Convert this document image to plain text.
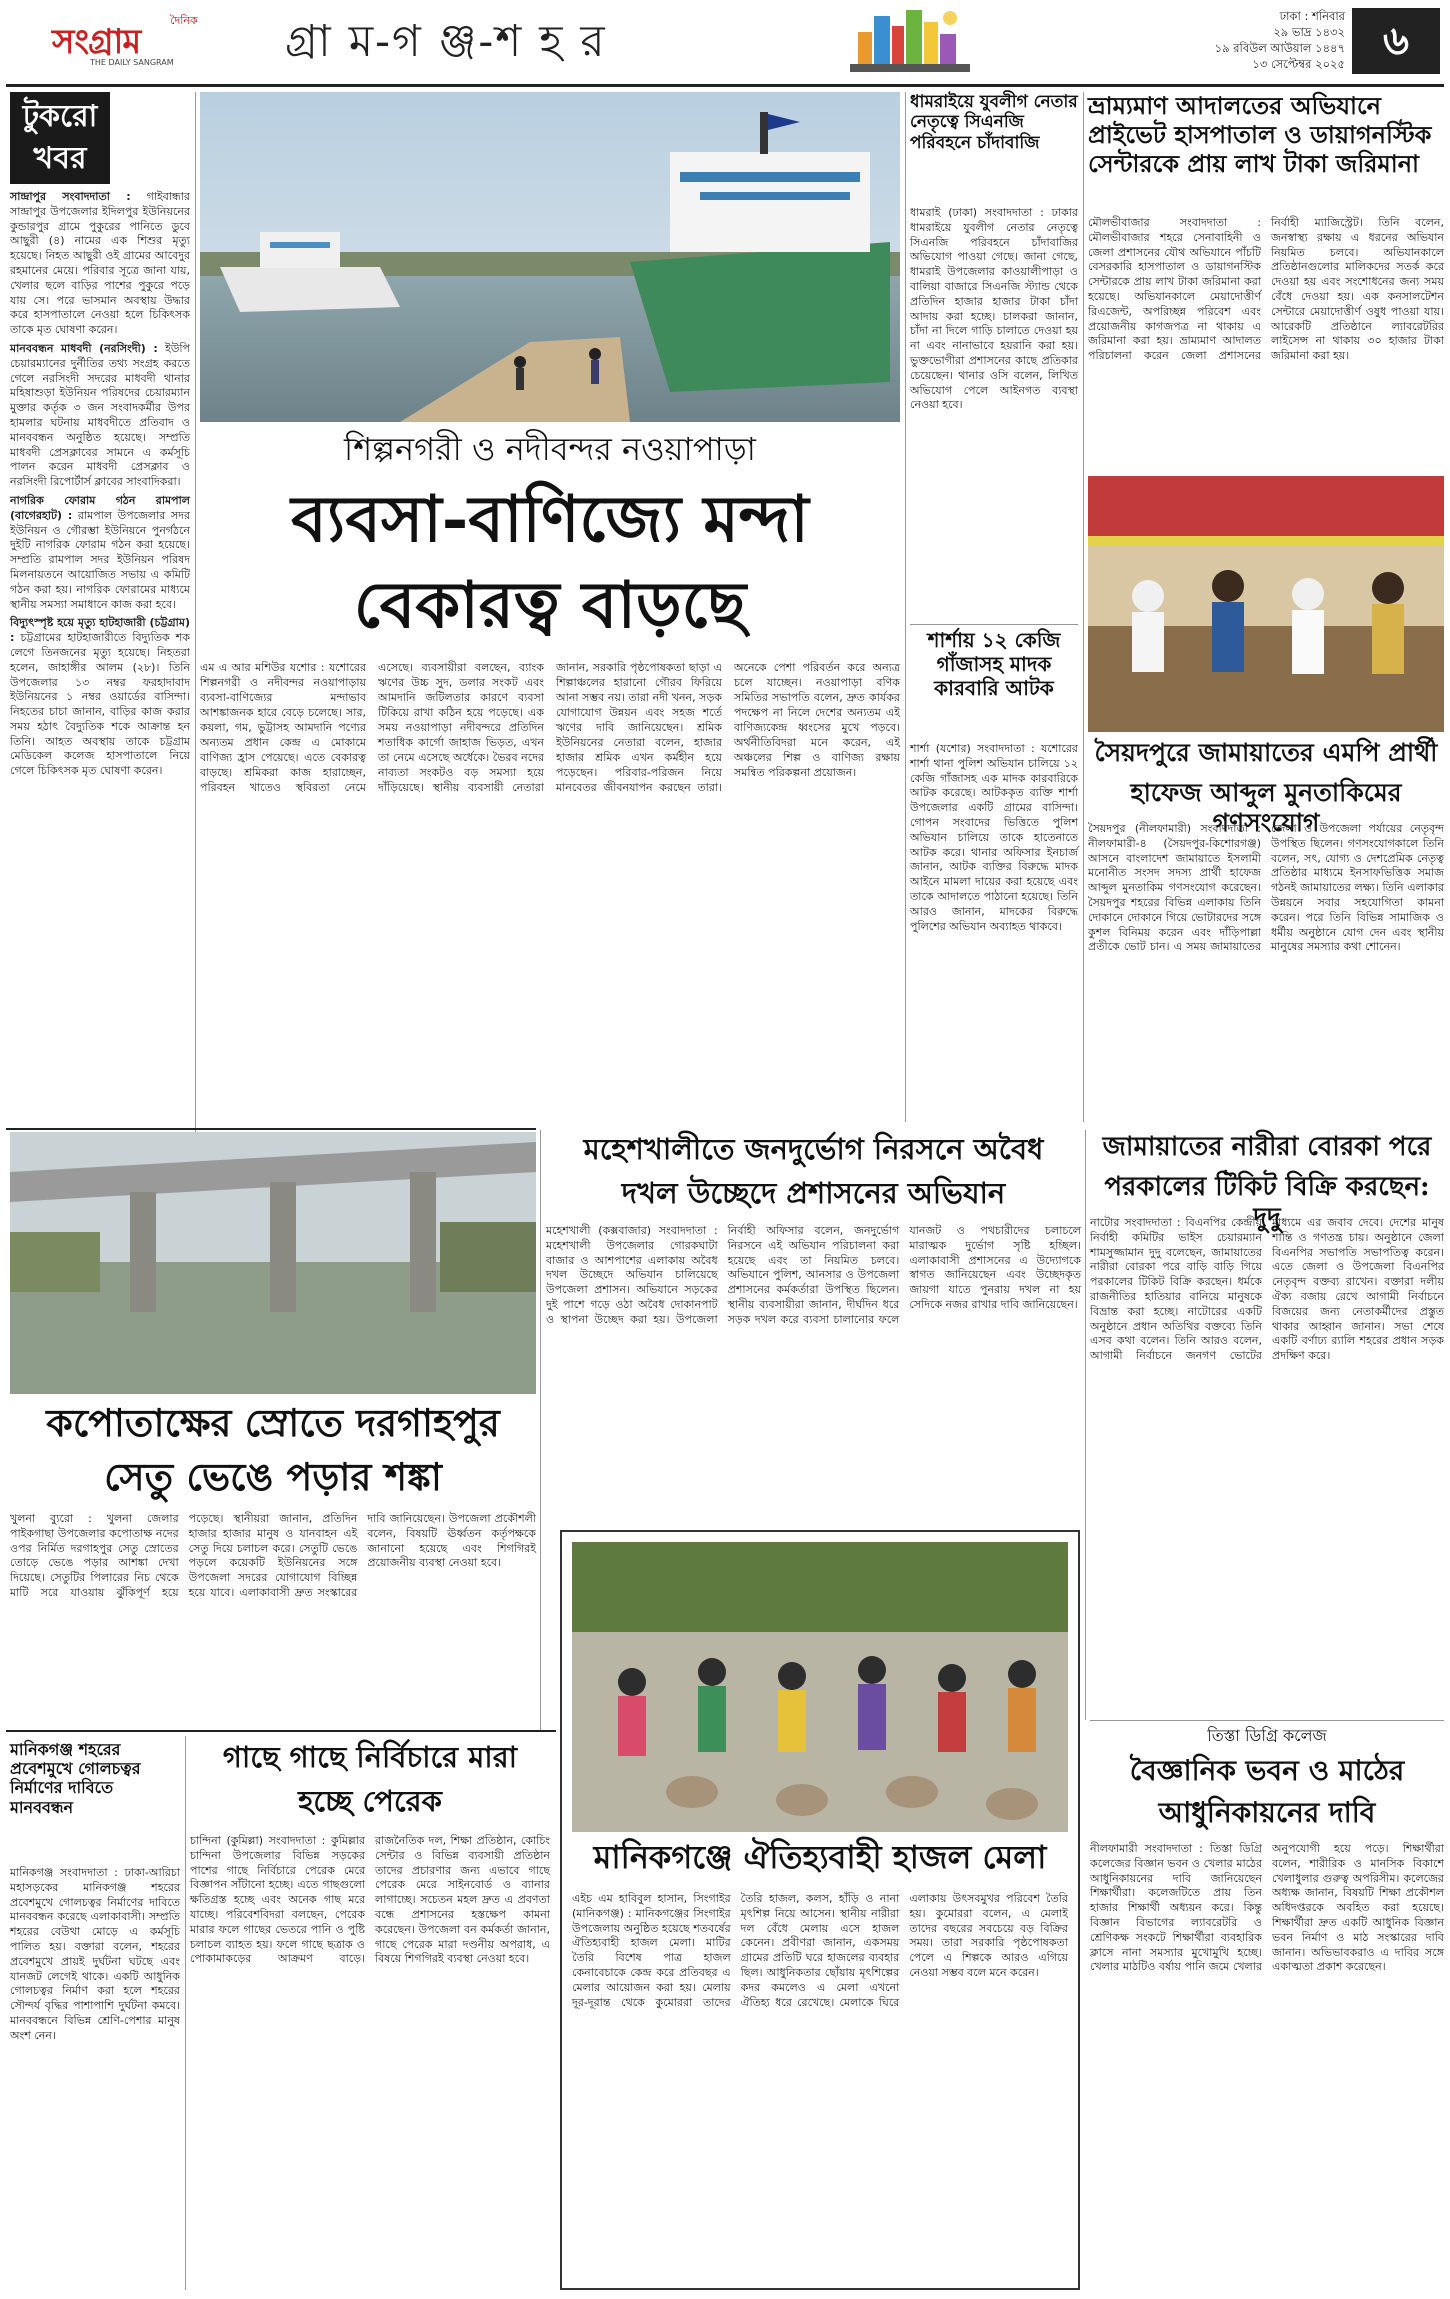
দৈনিক
সংগ্রাম
THE DAILY SANGRAM	গ্রা ম-গ ঞ্জ-শ হ র	ঢাকা : শনিবার
২৯ ভাদ্র ১৪৩২
১৯ রবিউল আউয়াল ১৪৪৭
১৩ সেপ্টেম্বর ২০২৫ ৬
টুকরো খবর

সান্দ্রাপুর সংবাদদাতা : গাইবান্ধার সান্দ্রাপুর উপজেলার ইদিলপুর ইউনিয়নের কুন্ডারপুর গ্রামে পুকুরের পানিতে ডুবে আছুরী (৪) নামের এক শিশুর মৃত্যু হয়েছে। নিহত আছুরী ওই গ্রামের আবেদুর রহমানের মেয়ে। পরিবার সূত্রে জানা যায়, খেলার ছলে বাড়ির পাশের পুকুরে পড়ে যায় সে। পরে ভাসমান অবস্থায় উদ্ধার করে হাসপাতালে নেওয়া হলে চিকিৎসক তাকে মৃত ঘোষণা করেন।

মানববন্ধন মাধবদী (নরসিংদী) : ইউপি চেয়ারম্যানের দুর্নীতির তথ্য সংগ্রহ করতে গেলে নরসিংদী সদরের মাধবদী থানার মহিষাশুড়া ইউনিয়ন পরিষদের চেয়ারম্যান মুক্তার কর্তৃক ৩ জন সংবাদকর্মীর উপর হামলার ঘটনায় মাধবদীতে প্রতিবাদ ও মানববন্ধন অনুষ্ঠিত হয়েছে। সম্প্রতি মাধবদী প্রেসক্লাবের সামনে এ কর্মসূচি পালন করেন মাধবদী প্রেসক্লাব ও নরসিংদী রিপোর্টার্স ক্লাবের সাংবাদিকরা।

নাগরিক ফোরাম গঠন রামপাল (বাগেরহাট) : রামপাল উপজেলার সদর ইউনিয়ন ও গৌরম্ভা ইউনিয়নে পুনর্গঠনে দুইটি নাগরিক ফোরাম গঠন করা হয়েছে। সম্প্রতি রামপাল সদর ইউনিয়ন পরিষদ মিলনায়তনে আয়োজিত সভায় এ কমিটি গঠন করা হয়। নাগরিক ফোরামের মাধ্যমে স্থানীয় সমস্যা সমাধানে কাজ করা হবে।

বিদ্যুৎস্পৃষ্ট হয়ে মৃত্যু হাটহাজারী (চট্টগ্রাম) : চট্টগ্রামের হাটহাজারীতে বিদ্যুতিক শক লেগে তিনজনের মৃত্যু হয়েছে। নিহতরা হলেন, জাহাঙ্গীর আলম (২৮)। তিনি উপজেলার ১৩ নম্বর ফরহাদাবাদ ইউনিয়নের ১ নম্বর ওয়ার্ডের বাসিন্দা। নিহতের চাচা জানান, বাড়ির কাজ করার সময় হঠাৎ বৈদ্যুতিক শকে আক্রান্ত হন তিনি। আহত অবস্থায় তাকে চট্টগ্রাম মেডিকেল কলেজ হাসপাতালে নিয়ে গেলে চিকিৎসক মৃত ঘোষণা করেন।

শিল্পনগরী ও নদীবন্দর নওয়াপাড়া
ব্যবসা-বাণিজ্যে মন্দা
বেকারত্ব বাড়ছে
এম এ আর মশিউর যশোর : যশোরের শিল্পনগরী ও নদীবন্দর নওয়াপাড়ায় ব্যবসা-বাণিজ্যের মন্দাভাব আশঙ্কাজনক হারে বেড়ে চলেছে। সার, কয়লা, গম, ভুট্টাসহ আমদানি পণ্যের অন্যতম প্রধান কেন্দ্র এ মোকামে বাণিজ্য হ্রাস পেয়েছে। এতে বেকারত্ব বাড়ছে। শ্রমিকরা কাজ হারাচ্ছেন, পরিবহন খাতেও স্থবিরতা নেমে এসেছে। ব্যবসায়ীরা বলছেন, ব্যাংক ঋণের উচ্চ সুদ, ডলার সংকট এবং আমদানি জটিলতার কারণে ব্যবসা টিকিয়ে রাখা কঠিন হয়ে পড়েছে। এক সময় নওয়াপাড়া নদীবন্দরে প্রতিদিন শতাধিক কার্গো জাহাজ ভিড়ত, এখন তা নেমে এসেছে অর্ধেকে। ভৈরব নদের নাব্যতা সংকটও বড় সমস্যা হয়ে দাঁড়িয়েছে। স্থানীয় ব্যবসায়ী নেতারা জানান, সরকারি পৃষ্ঠপোষকতা ছাড়া এ শিল্পাঞ্চলের হারানো গৌরব ফিরিয়ে আনা সম্ভব নয়। তারা নদী খনন, সড়ক যোগাযোগ উন্নয়ন এবং সহজ শর্তে ঋণের দাবি জানিয়েছেন। শ্রমিক ইউনিয়নের নেতারা বলেন, হাজার হাজার শ্রমিক এখন কর্মহীন হয়ে পড়েছেন। পরিবার-পরিজন নিয়ে মানবেতর জীবনযাপন করছেন তারা। অনেকে পেশা পরিবর্তন করে অন্যত্র চলে যাচ্ছেন। নওয়াপাড়া বণিক সমিতির সভাপতি বলেন, দ্রুত কার্যকর পদক্ষেপ না নিলে দেশের অন্যতম এই বাণিজ্যকেন্দ্র ধ্বংসের মুখে পড়বে। অর্থনীতিবিদরা মনে করেন, এই অঞ্চলের শিল্প ও বাণিজ্য রক্ষায় সমন্বিত পরিকল্পনা প্রয়োজন।
ধামরাইয়ে যুবলীগ নেতার নেতৃত্বে সিএনজি পরিবহনে চাঁদাবাজি
ধামরাই (ঢাকা) সংবাদদাতা : ঢাকার ধামরাইয়ে যুবলীগ নেতার নেতৃত্বে সিএনজি পরিবহনে চাঁদাবাজির অভিযোগ পাওয়া গেছে। জানা গেছে, ধামরাই উপজেলার কাওয়ালীপাড়া ও বালিয়া বাজারে সিএনজি স্ট্যান্ড থেকে প্রতিদিন হাজার হাজার টাকা চাঁদা আদায় করা হচ্ছে। চালকরা জানান, চাঁদা না দিলে গাড়ি চালাতে দেওয়া হয় না এবং নানাভাবে হয়রানি করা হয়। ভুক্তভোগীরা প্রশাসনের কাছে প্রতিকার চেয়েছেন। থানার ওসি বলেন, লিখিত অভিযোগ পেলে আইনগত ব্যবস্থা নেওয়া হবে।
শার্শায় ১২ কেজি গাঁজাসহ মাদক কারবারি আটক
শার্শা (যশোর) সংবাদদাতা : যশোরের শার্শা থানা পুলিশ অভিযান চালিয়ে ১২ কেজি গাঁজাসহ এক মাদক কারবারিকে আটক করেছে। আটককৃত ব্যক্তি শার্শা উপজেলার একটি গ্রামের বাসিন্দা। গোপন সংবাদের ভিত্তিতে পুলিশ অভিযান চালিয়ে তাকে হাতেনাতে আটক করে। থানার অফিসার ইনচার্জ জানান, আটক ব্যক্তির বিরুদ্ধে মাদক আইনে মামলা দায়ের করা হয়েছে এবং তাকে আদালতে পাঠানো হয়েছে। তিনি আরও জানান, মাদকের বিরুদ্ধে পুলিশের অভিযান অব্যাহত থাকবে।
ভ্রাম্যমাণ আদালতের অভিযানে প্রাইভেট হাসপাতাল ও ডায়াগনস্টিক সেন্টারকে প্রায় লাখ টাকা জরিমানা
মৌলভীবাজার সংবাদদাতা : মৌলভীবাজার শহরে সেনাবাহিনী ও জেলা প্রশাসনের যৌথ অভিযানে পাঁচটি বেসরকারি হাসপাতাল ও ডায়াগনস্টিক সেন্টারকে প্রায় লাখ টাকা জরিমানা করা হয়েছে। অভিযানকালে মেয়াদোত্তীর্ণ রিএজেন্ট, অপরিচ্ছন্ন পরিবেশ এবং প্রয়োজনীয় কাগজপত্র না থাকায় এ জরিমানা করা হয়। ভ্রাম্যমাণ আদালত পরিচালনা করেন জেলা প্রশাসনের নির্বাহী ম্যাজিস্ট্রেট। তিনি বলেন, জনস্বাস্থ্য রক্ষায় এ ধরনের অভিযান নিয়মিত চলবে। অভিযানকালে প্রতিষ্ঠানগুলোর মালিকদের সতর্ক করে দেওয়া হয় এবং সংশোধনের জন্য সময় বেঁধে দেওয়া হয়। এক কনসালটেশন সেন্টারে মেয়াদোত্তীর্ণ ওষুধ পাওয়া যায়। আরেকটি প্রতিষ্ঠানে ল্যাবরেটরির লাইসেন্স না থাকায় ৩০ হাজার টাকা জরিমানা করা হয়।
সৈয়দপুরে জামায়াতের এমপি প্রার্থী
হাফেজ আব্দুল মুনতাকিমের গণসংযোগ
সৈয়দপুর (নীলফামারী) সংবাদদাতা : নীলফামারী-৪ (সৈয়দপুর-কিশোরগঞ্জ) আসনে বাংলাদেশ জামায়াতে ইসলামী মনোনীত সংসদ সদস্য প্রার্থী হাফেজ আব্দুল মুনতাকিম গণসংযোগ করেছেন। সৈয়দপুর শহরের বিভিন্ন এলাকায় তিনি দোকানে দোকানে গিয়ে ভোটারদের সঙ্গে কুশল বিনিময় করেন এবং দাঁড়িপাল্লা প্রতীকে ভোট চান। এ সময় জামায়াতের জেলা ও উপজেলা পর্যায়ের নেতৃবৃন্দ উপস্থিত ছিলেন। গণসংযোগকালে তিনি বলেন, সৎ, যোগ্য ও দেশপ্রেমিক নেতৃত্ব প্রতিষ্ঠার মাধ্যমে ইনসাফভিত্তিক সমাজ গঠনই জামায়াতের লক্ষ্য। তিনি এলাকার উন্নয়নে সবার সহযোগিতা কামনা করেন। পরে তিনি বিভিন্ন সামাজিক ও ধর্মীয় অনুষ্ঠানে যোগ দেন এবং স্থানীয় মানুষের সমস্যার কথা শোনেন।
কপোতাক্ষের স্রোতে দরগাহপুর
সেতু ভেঙে পড়ার শঙ্কা
খুলনা ব্যুরো : খুলনা জেলার পাইকগাছা উপজেলার কপোতাক্ষ নদের ওপর নির্মিত দরগাহপুর সেতু স্রোতের তোড়ে ভেঙে পড়ার আশঙ্কা দেখা দিয়েছে। সেতুটির পিলারের নিচ থেকে মাটি সরে যাওয়ায় ঝুঁকিপূর্ণ হয়ে পড়েছে। স্থানীয়রা জানান, প্রতিদিন হাজার হাজার মানুষ ও যানবাহন এই সেতু দিয়ে চলাচল করে। সেতুটি ভেঙে পড়লে কয়েকটি ইউনিয়নের সঙ্গে উপজেলা সদরের যোগাযোগ বিচ্ছিন্ন হয়ে যাবে। এলাকাবাসী দ্রুত সংস্কারের দাবি জানিয়েছেন। উপজেলা প্রকৌশলী বলেন, বিষয়টি ঊর্ধ্বতন কর্তৃপক্ষকে জানানো হয়েছে এবং শিগগিরই প্রয়োজনীয় ব্যবস্থা নেওয়া হবে।
মহেশখালীতে জনদুর্ভোগ নিরসনে অবৈধ
দখল উচ্ছেদে প্রশাসনের অভিযান
মহেশখালী (কক্সবাজার) সংবাদদাতা : মহেশখালী উপজেলার গোরকঘাটা বাজার ও আশপাশের এলাকায় অবৈধ দখল উচ্ছেদে অভিযান চালিয়েছে উপজেলা প্রশাসন। অভিযানে সড়কের দুই পাশে গড়ে ওঠা অবৈধ দোকানপাট ও স্থাপনা উচ্ছেদ করা হয়। উপজেলা নির্বাহী অফিসার বলেন, জনদুর্ভোগ নিরসনে এই অভিযান পরিচালনা করা হয়েছে এবং তা নিয়মিত চলবে। অভিযানে পুলিশ, আনসার ও উপজেলা প্রশাসনের কর্মকর্তারা উপস্থিত ছিলেন। স্থানীয় ব্যবসায়ীরা জানান, দীর্ঘদিন ধরে সড়ক দখল করে ব্যবসা চালানোর ফলে যানজট ও পথচারীদের চলাচলে মারাত্মক দুর্ভোগ সৃষ্টি হচ্ছিল। এলাকাবাসী প্রশাসনের এ উদ্যোগকে স্বাগত জানিয়েছেন এবং উচ্ছেদকৃত জায়গা যাতে পুনরায় দখল না হয় সেদিকে নজর রাখার দাবি জানিয়েছেন।
জামায়াতের নারীরা বোরকা পরে
পরকালের টিকিট বিক্রি করছেন: দুদু
নাটোর সংবাদদাতা : বিএনপির কেন্দ্রীয় নির্বাহী কমিটির ভাইস চেয়ারম্যান শামসুজ্জামান দুদু বলেছেন, জামায়াতের নারীরা বোরকা পরে বাড়ি বাড়ি গিয়ে পরকালের টিকিট বিক্রি করছেন। ধর্মকে রাজনীতির হাতিয়ার বানিয়ে মানুষকে বিভ্রান্ত করা হচ্ছে। নাটোরের একটি অনুষ্ঠানে প্রধান অতিথির বক্তব্যে তিনি এসব কথা বলেন। তিনি আরও বলেন, আগামী নির্বাচনে জনগণ ভোটের মাধ্যমে এর জবাব দেবে। দেশের মানুষ শান্তি ও গণতন্ত্র চায়। অনুষ্ঠানে জেলা বিএনপির সভাপতি সভাপতিত্ব করেন। এতে জেলা ও উপজেলা বিএনপির নেতৃবৃন্দ বক্তব্য রাখেন। বক্তারা দলীয় ঐক্য বজায় রেখে আগামী নির্বাচনে বিজয়ের জন্য নেতাকর্মীদের প্রস্তুত থাকার আহ্বান জানান। সভা শেষে একটি বর্ণাঢ্য র‍্যালি শহরের প্রধান সড়ক প্রদক্ষিণ করে।
মানিকগঞ্জে ঐতিহ্যবাহী হাজল মেলা
এইচ এম হাবিবুল হাসান, সিংগাইর (মানিকগঞ্জ) : মানিকগঞ্জের সিংগাইর উপজেলায় অনুষ্ঠিত হয়েছে শতবর্ষের ঐতিহ্যবাহী হাজল মেলা। মাটির তৈরি বিশেষ পাত্র হাজল কেনাবেচাকে কেন্দ্র করে প্রতিবছর এ মেলার আয়োজন করা হয়। মেলায় দূর-দূরান্ত থেকে কুমোররা তাদের তৈরি হাজল, কলস, হাঁড়ি ও নানা মৃৎশিল্প নিয়ে আসেন। স্থানীয় নারীরা দল বেঁধে মেলায় এসে হাজল কেনেন। প্রবীণরা জানান, একসময় গ্রামের প্রতিটি ঘরে হাজলের ব্যবহার ছিল। আধুনিকতার ছোঁয়ায় মৃৎশিল্পের কদর কমলেও এ মেলা এখনো ঐতিহ্য ধরে রেখেছে। মেলাকে ঘিরে এলাকায় উৎসবমুখর পরিবেশ তৈরি হয়। কুমোররা বলেন, এ মেলাই তাদের বছরের সবচেয়ে বড় বিক্রির সময়। তারা সরকারি পৃষ্ঠপোষকতা পেলে এ শিল্পকে আরও এগিয়ে নেওয়া সম্ভব বলে মনে করেন।
মানিকগঞ্জ শহরের প্রবেশমুখে গোলচত্বর নির্মাণের দাবিতে মানববন্ধন
মানিকগঞ্জ সংবাদদাতা : ঢাকা-আরিচা মহাসড়কের মানিকগঞ্জ শহরের প্রবেশমুখে গোলচত্বর নির্মাণের দাবিতে মানববন্ধন করেছে এলাকাবাসী। সম্প্রতি শহরের বেউথা মোড়ে এ কর্মসূচি পালিত হয়। বক্তারা বলেন, শহরের প্রবেশমুখে প্রায়ই দুর্ঘটনা ঘটছে এবং যানজট লেগেই থাকে। একটি আধুনিক গোলচত্বর নির্মাণ করা হলে শহরের সৌন্দর্য বৃদ্ধির পাশাপাশি দুর্ঘটনা কমবে। মানববন্ধনে বিভিন্ন শ্রেণি-পেশার মানুষ অংশ নেন।
গাছে গাছে নির্বিচারে মারা
হচ্ছে পেরেক
চান্দিনা (কুমিল্লা) সংবাদদাতা : কুমিল্লার চান্দিনা উপজেলার বিভিন্ন সড়কের পাশের গাছে নির্বিচারে পেরেক মেরে বিজ্ঞাপন সাঁটানো হচ্ছে। এতে গাছগুলো ক্ষতিগ্রস্ত হচ্ছে এবং অনেক গাছ মরে যাচ্ছে। পরিবেশবিদরা বলছেন, পেরেক মারার ফলে গাছের ভেতরে পানি ও পুষ্টি চলাচল ব্যাহত হয়। ফলে গাছে ছত্রাক ও পোকামাকড়ের আক্রমণ বাড়ে। রাজনৈতিক দল, শিক্ষা প্রতিষ্ঠান, কোচিং সেন্টার ও বিভিন্ন ব্যবসায়ী প্রতিষ্ঠান তাদের প্রচারণার জন্য এভাবে গাছে পেরেক মেরে সাইনবোর্ড ও ব্যানার লাগাচ্ছে। সচেতন মহল দ্রুত এ প্রবণতা বন্ধে প্রশাসনের হস্তক্ষেপ কামনা করেছেন। উপজেলা বন কর্মকর্তা জানান, গাছে পেরেক মারা দণ্ডনীয় অপরাধ, এ বিষয়ে শিগগিরই ব্যবস্থা নেওয়া হবে।
তিস্তা ডিগ্রি কলেজ
বৈজ্ঞানিক ভবন ও মাঠের
আধুনিকায়নের দাবি
নীলফামারী সংবাদদাতা : তিস্তা ডিগ্রি কলেজের বিজ্ঞান ভবন ও খেলার মাঠের আধুনিকায়নের দাবি জানিয়েছেন শিক্ষার্থীরা। কলেজটিতে প্রায় তিন হাজার শিক্ষার্থী অধ্যয়ন করে। কিন্তু বিজ্ঞান বিভাগের ল্যাবরেটরি ও শ্রেণিকক্ষ সংকটে শিক্ষার্থীরা ব্যবহারিক ক্লাসে নানা সমস্যার মুখোমুখি হচ্ছে। খেলার মাঠটিও বর্ষায় পানি জমে খেলার অনুপযোগী হয়ে পড়ে। শিক্ষার্থীরা বলেন, শারীরিক ও মানসিক বিকাশে খেলাধুলার গুরুত্ব অপরিসীম। কলেজের অধ্যক্ষ জানান, বিষয়টি শিক্ষা প্রকৌশল অধিদপ্তরকে অবহিত করা হয়েছে। শিক্ষার্থীরা দ্রুত একটি আধুনিক বিজ্ঞান ভবন নির্মাণ ও মাঠ সংস্কারের দাবি জানান। অভিভাবকরাও এ দাবির সঙ্গে একাত্মতা প্রকাশ করেছেন।
